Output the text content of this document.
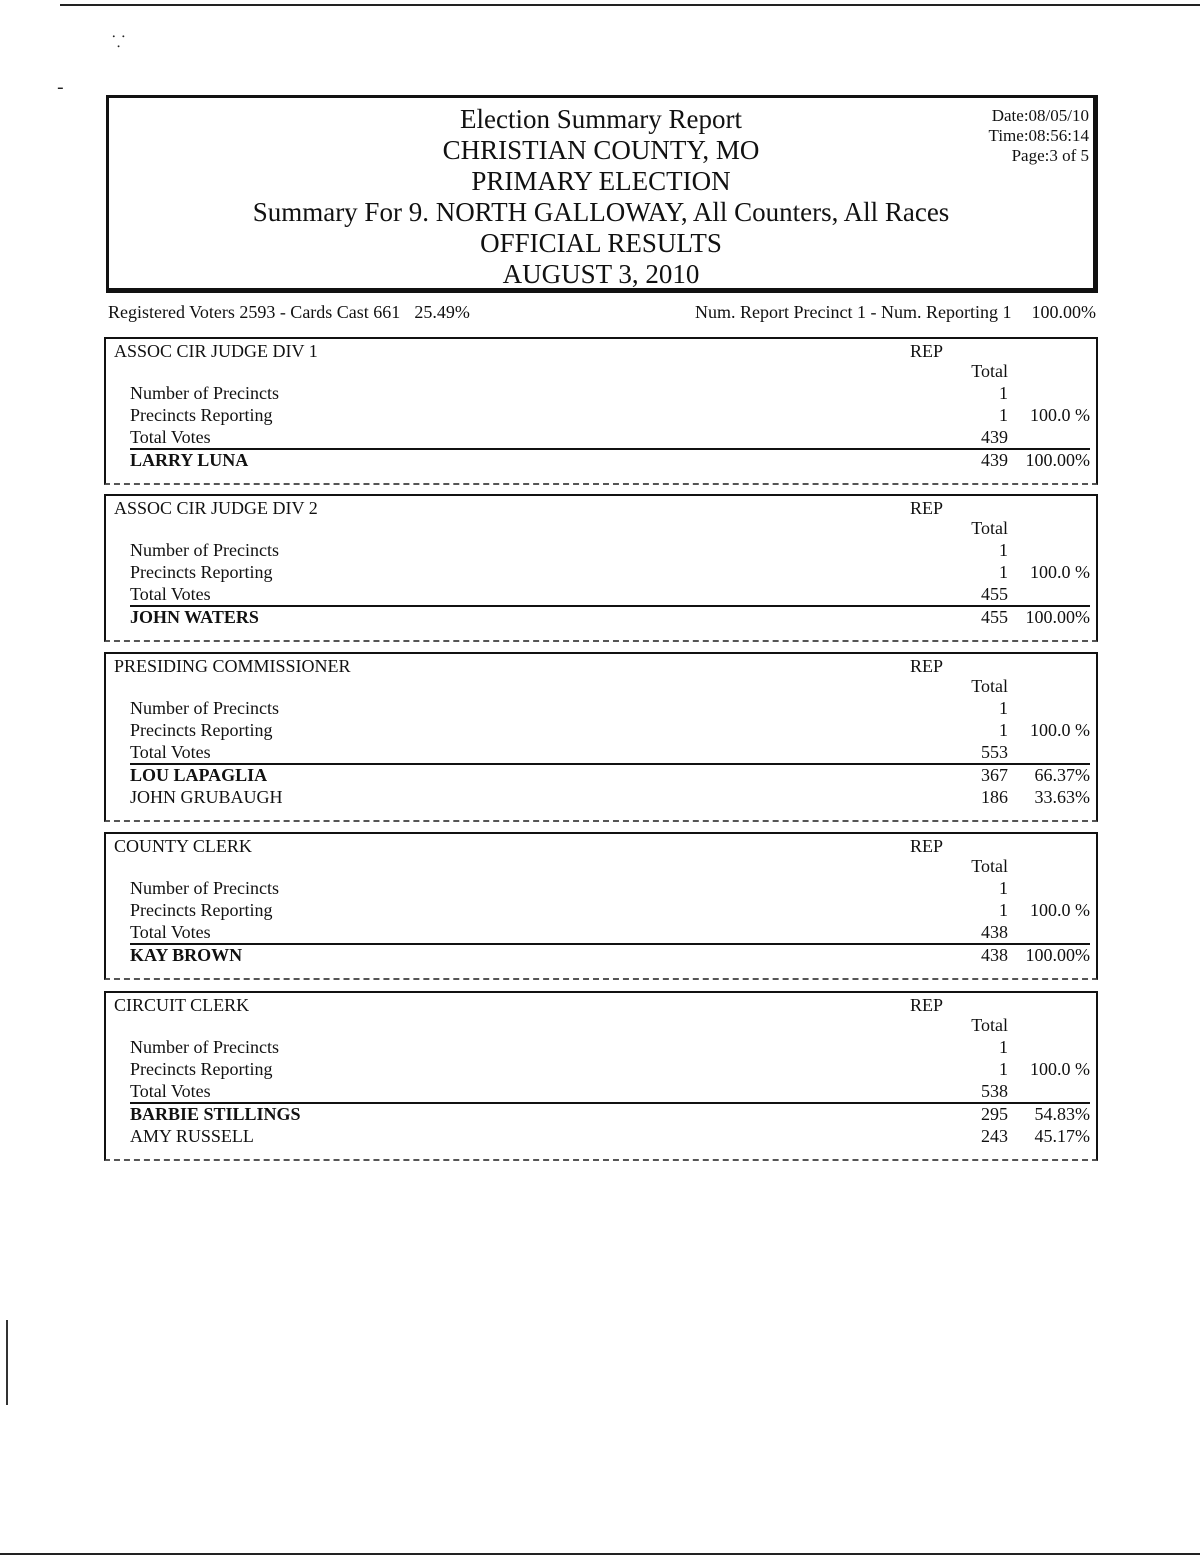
⸪
ـ
Election Summary Report
CHRISTIAN COUNTY, MO
PRIMARY ELECTION
Summary For 9. NORTH GALLOWAY, All Counters, All Races
OFFICIAL RESULTS
AUGUST 3, 2010
Date:08/05/10
Time:08:56:14
Page:3 of 5
Registered Voters 2593 - Cards Cast 661 25.49%	Num. Report Precinct 1 - Num. Reporting 1 100.00%
ASSOC CIR JUDGE DIV 1	REP
Total
Number of Precincts	1
Precincts Reporting	1 100.0 %
Total Votes	439
LARRY LUNA	439 100.00%
ASSOC CIR JUDGE DIV 2	REP
Total
Number of Precincts	1
Precincts Reporting	1 100.0 %
Total Votes	455
JOHN WATERS	455 100.00%
PRESIDING COMMISSIONER	REP
Total
Number of Precincts	1
Precincts Reporting	1 100.0 %
Total Votes	553
LOU LAPAGLIA	367 66.37%
JOHN GRUBAUGH	186 33.63%
COUNTY CLERK	REP
Total
Number of Precincts	1
Precincts Reporting	1 100.0 %
Total Votes	438
KAY BROWN	438 100.00%
CIRCUIT CLERK	REP
Total
Number of Precincts	1
Precincts Reporting	1 100.0 %
Total Votes	538
BARBIE STILLINGS	295 54.83%
AMY RUSSELL	243 45.17%
